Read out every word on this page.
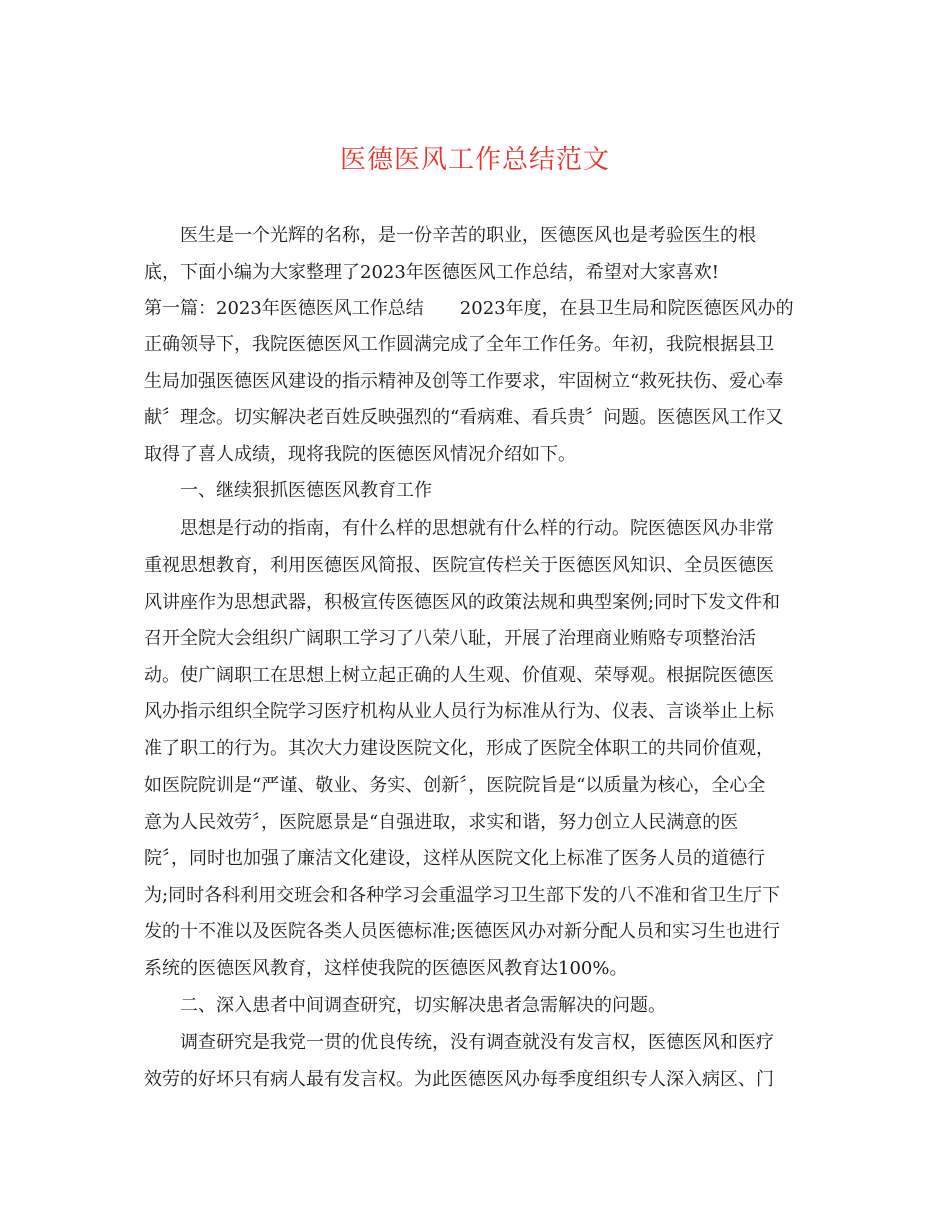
医德医风工作总结范文
　　医生是一个光辉的名称，是一份辛苦的职业，医德医风也是考验医生的根
底，下面小编为大家整理了2023年医德医风工作总结，希望对大家喜欢!
第一篇：2023年医德医风工作总结　　2023年度，在县卫生局和院医德医风办的
正确领导下，我院医德医风工作圆满完成了全年工作任务。年初，我院根据县卫
生局加强医德医风建设的指示精神及创等工作要求，牢固树立“救死扶伤、爱心奉
献〞理念。切实解决老百姓反映强烈的“看病难、看兵贵〞问题。医德医风工作又
取得了喜人成绩，现将我院的医德医风情况介绍如下。
　　一、继续狠抓医德医风教育工作
　　思想是行动的指南，有什么样的思想就有什么样的行动。院医德医风办非常
重视思想教育，利用医德医风简报、医院宣传栏关于医德医风知识、全员医德医
风讲座作为思想武器，积极宣传医德医风的政策法规和典型案例;同时下发文件和
召开全院大会组织广阔职工学习了八荣八耻，开展了治理商业贿赂专项整治活
动。使广阔职工在思想上树立起正确的人生观、价值观、荣辱观。根据院医德医
风办指示组织全院学习医疗机构从业人员行为标准从行为、仪表、言谈举止上标
准了职工的行为。其次大力建设医院文化，形成了医院全体职工的共同价值观，
如医院院训是“严谨、敬业、务实、创新〞，医院院旨是“以质量为核心，全心全
意为人民效劳〞，医院愿景是“自强进取，求实和谐，努力创立人民满意的医
院〞，同时也加强了廉洁文化建设，这样从医院文化上标准了医务人员的道德行
为;同时各科利用交班会和各种学习会重温学习卫生部下发的八不准和省卫生厅下
发的十不准以及医院各类人员医德标准;医德医风办对新分配人员和实习生也进行
系统的医德医风教育，这样使我院的医德医风教育达100%。
　　二、深入患者中间调查研究，切实解决患者急需解决的问题。
　　调查研究是我党一贯的优良传统，没有调查就没有发言权，医德医风和医疗
效劳的好坏只有病人最有发言权。为此医德医风办每季度组织专人深入病区、门
